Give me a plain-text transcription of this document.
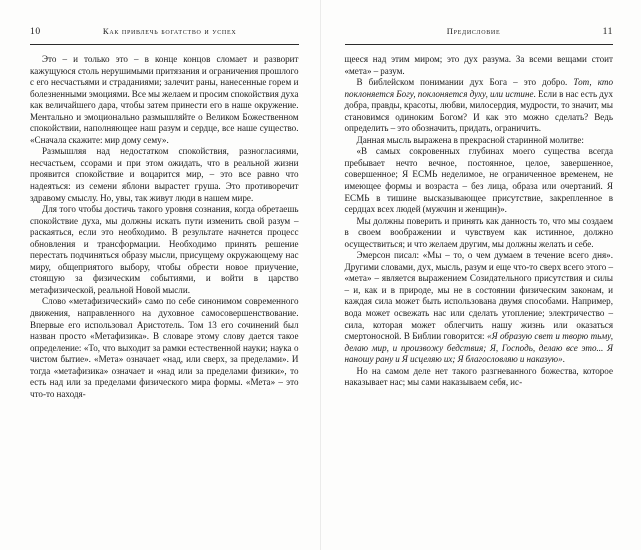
10	Как привлечь богатство и успех

Это – и только это – в конце концов сломает и разворит кажущуюся столь нерушимыми притязания и ограничения прошлого с его несчастьями и страданиями; залечит раны, нанесенные горем и болезненными эмоциями. Все мы желаем и просим спокойствия духа как величайшего дара, чтобы затем принести его в наше окружение. Ментально и эмоционально размышляйте о Великом Божественном спокойствии, наполняющее наш разум и сердце, все наше существо. «Сначала скажите: мир дому сему».

Размышляя над недостатком спокойствия, разногласиями, несчастьем, ссорами и при этом ожидать, что в реальной жизни проявится спокойствие и воцарится мир, – это все равно что надеяться: из семени яблони вырастет груша. Это противоречит здравому смыслу. Но, увы, так живут люди в нашем мире.

Для того чтобы достичь такого уровня сознания, когда обретаешь спокойствие духа, мы должны искать пути изменить свой разум – раскаяться, если это необходимо. В результате начнется процесс обновления и трансформации. Необходимо принять решение перестать подчиняться образу мысли, присущему окружающему нас миру, общеприятого выбору, чтобы обрести новое приучение, стоящую за физическим событиями, и войти в царство метафизической, реальной Новой мысли.

Слово «метафизический» само по себе синонимом современного движения, направленного на духовное самосовершенствование. Впервые его использовал Аристотель. Том 13 его сочинений был назван просто «Метафизика». В словаре этому слову дается такое определение: «То, что выходит за рамки естественной науки; наука о чистом бытие». «Мета» означает «над, или сверх, за пределами». И тогда «метафизика» означает и «над или за пределами физики», то есть над или за пределами физического мира формы. «Мета» – это что-то находя-

Предисловие	11

щееся над этим миром; это дух разума. За всеми вещами стоит «мета» – разум.

В библейском понимании дух Бога – это добро. Тот, кто поклоняется Богу, поклоняется духу, или истине. Если в нас есть дух добра, правды, красоты, любви, милосердия, мудрости, то значит, мы становимся одиноким Богом? И как это можно сделать? Ведь определить – это обозначить, придать, ограничить.

Данная мысль выражена в прекрасной старинной молитве:

«В самых сокровенных глубинах моего существа всегда пребывает нечто вечное, постоянное, целое, завершенное, совершенное; Я ЕСМЬ неделимое, не ограниченное временем, не имеющее формы и возраста – без лица, образа или очертаний. Я ЕСМЬ в тишине высказывающее присутствие, закрепленное в сердцах всех людей (мужчин и женщин)».

Мы должны поверить и принять как данность то, что мы создаем в своем воображении и чувствуем как истинное, должно осуществиться; и что желаем другим, мы должны желать и себе.

Эмерсон писал: «Мы – то, о чем думаем в течение всего дня». Другими словами, дух, мысль, разум и еще что-то сверх всего этого – «мета» – является выражением Созидательного присутствия и силы – и, как и в природе, мы не в состоянии физическим законам, и каждая сила может быть использована двумя способами. Например, вода может освежать нас или сделать утопление; электричество – сила, которая может облегчить нашу жизнь или оказаться смертоносной. В Библии говорится: «Я образую свет и творю тьму, делаю мир, и произвожу бедствия; Я, Господь, делаю все это... Я наношу рану и Я исцеляю их; Я благословляю и наказую».

Но на самом деле нет такого разгневанного божества, которое наказывает нас; мы сами наказываем себя, ис-
